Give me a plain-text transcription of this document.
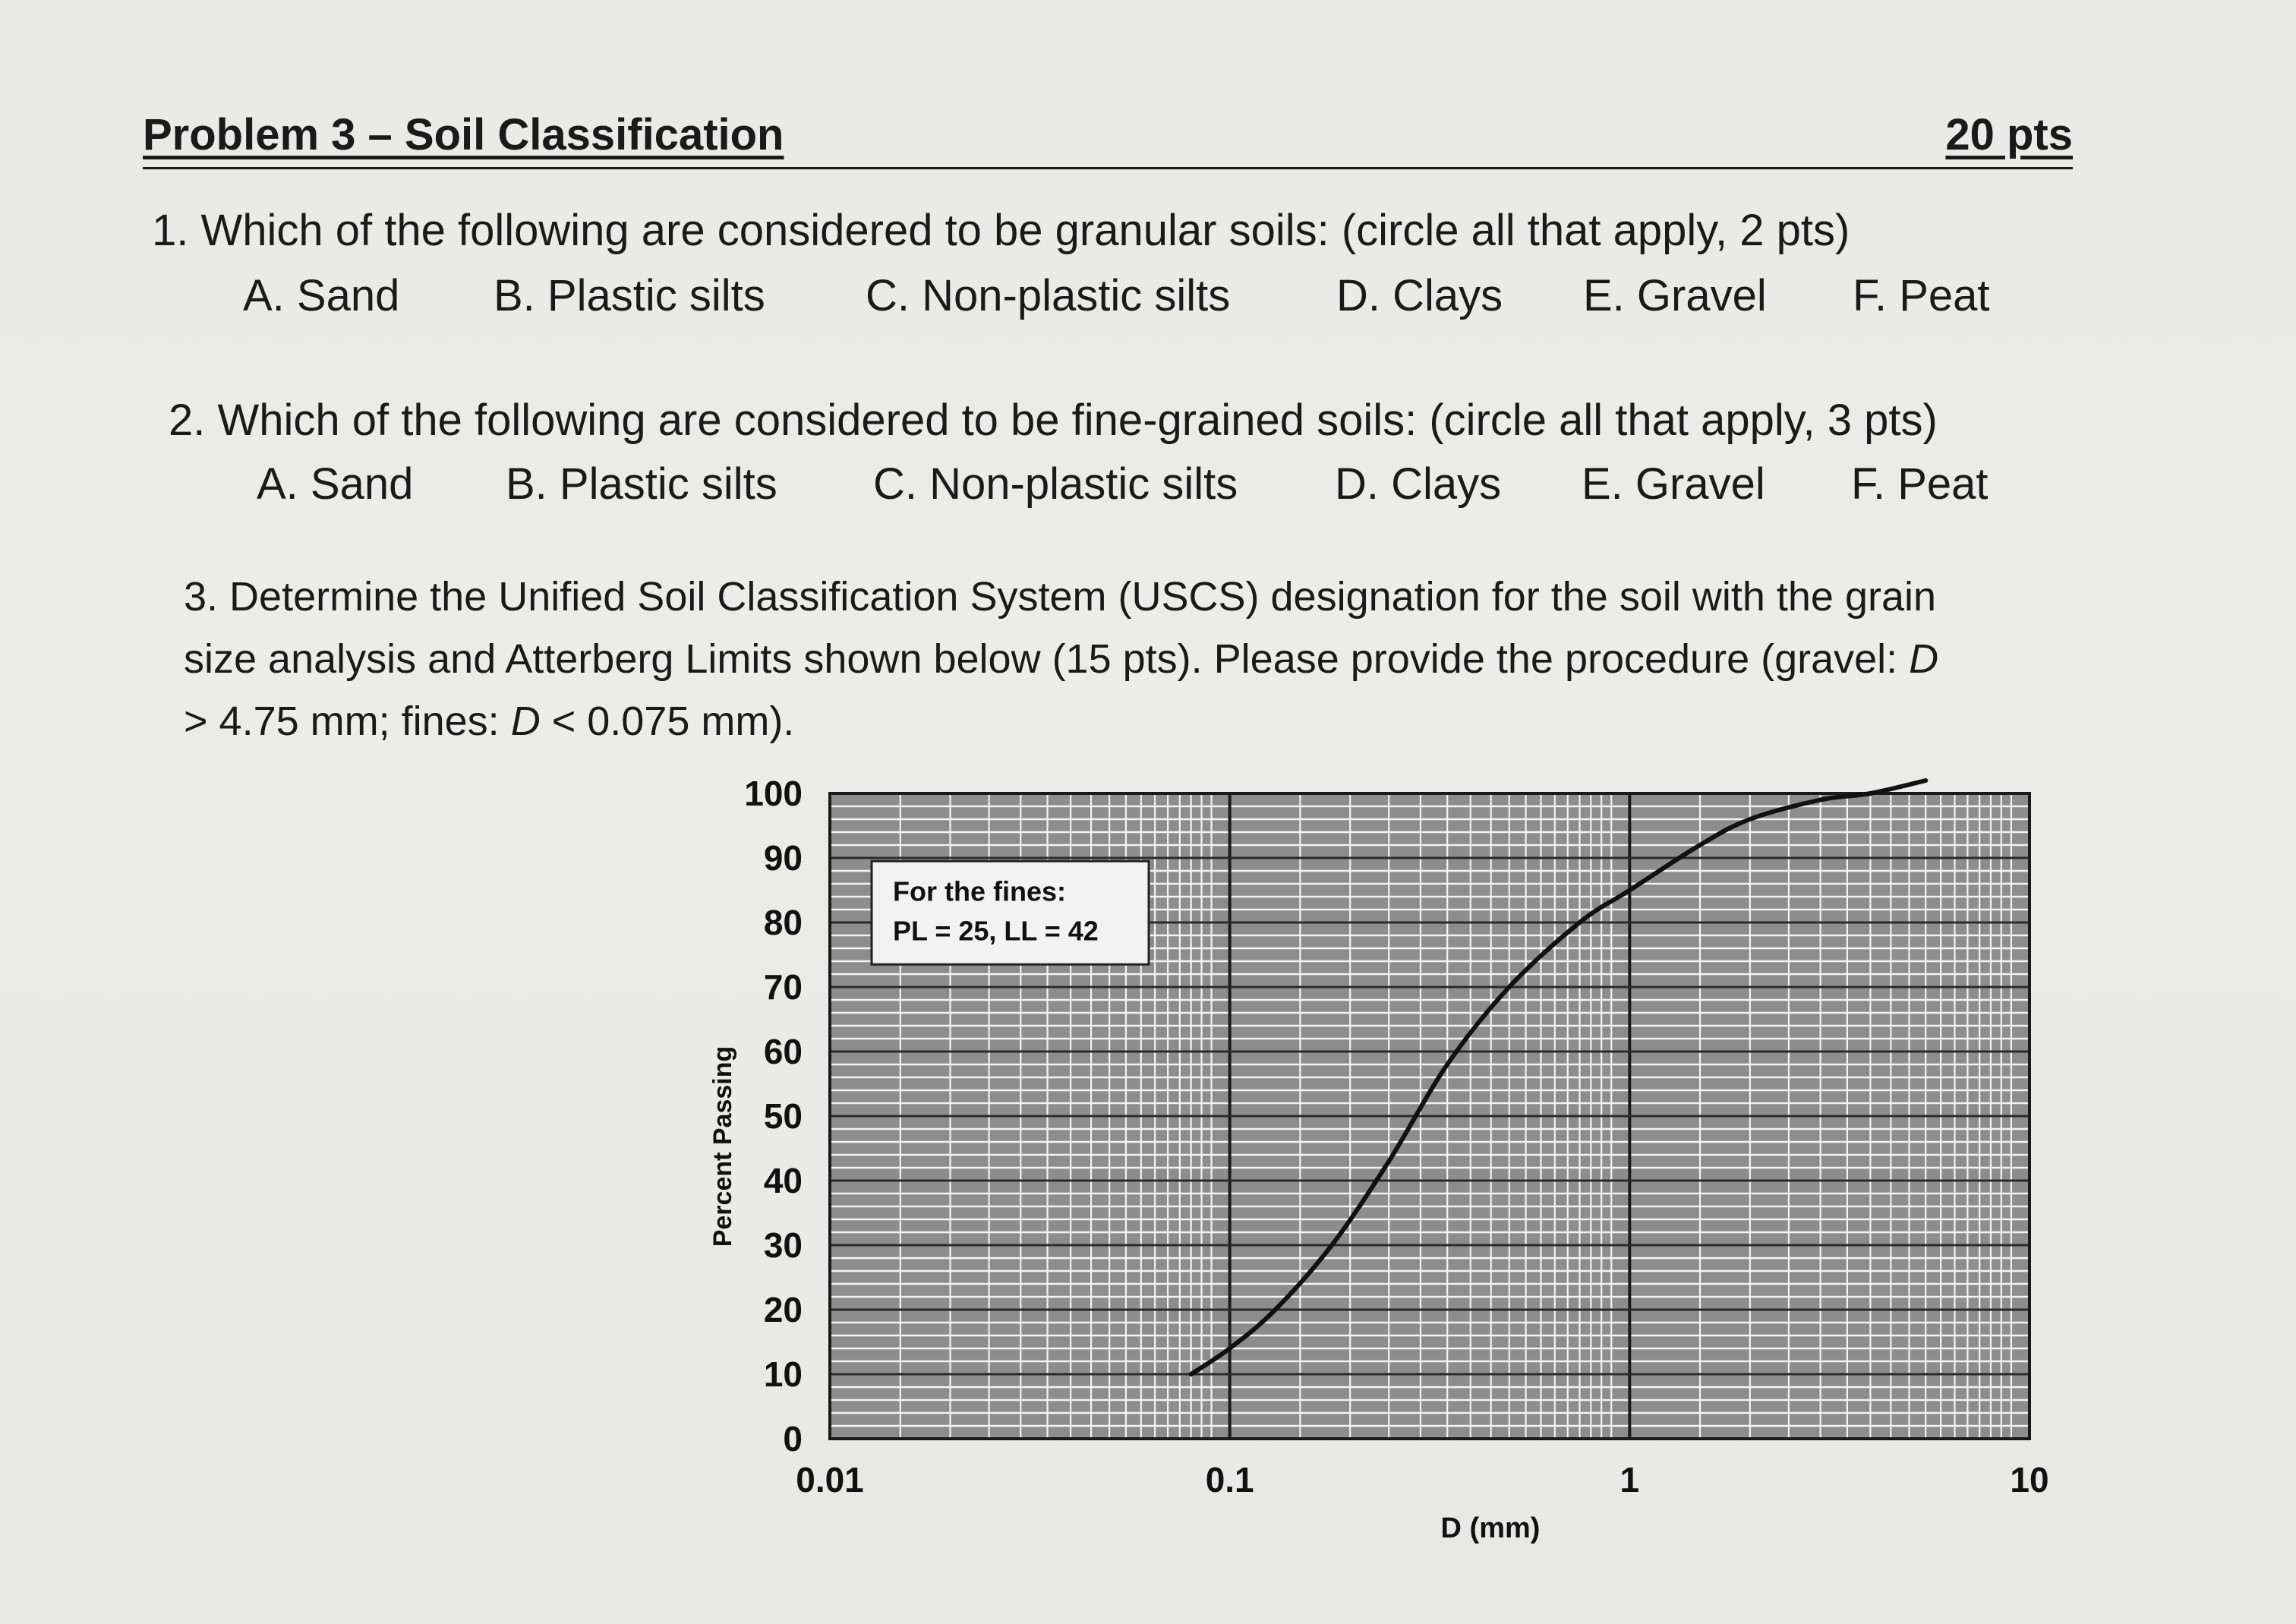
Problem 3 – Soil Classification	20 pts
1. Which of the following are considered to be granular soils: (circle all that apply, 2 pts)
A. Sand B. Plastic silts C. Non-plastic silts D. Clays E. Gravel F. Peat
2. Which of the following are considered to be fine-grained soils: (circle all that apply, 3 pts)
A. Sand B. Plastic silts C. Non-plastic silts D. Clays E. Gravel F. Peat

3. Determine the Unified Soil Classification System (USCS) designation for the soil with the grain

size analysis and Atterberg Limits shown below (15 pts). Please provide the procedure (gravel: D

> 4.75 mm; fines: D < 0.075 mm).

0
10
20
30
40
50
60
70
80
90
100
0.01	0.1	1	10
D (mm)
Percent Passing
For the fines:
PL = 25, LL = 42
